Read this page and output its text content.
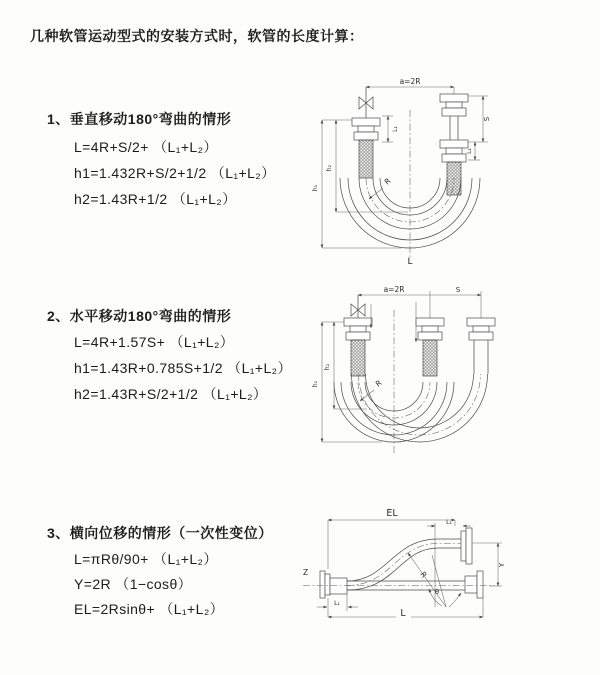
几种软管运动型式的安装方式时，软管的长度计算：
1、垂直移动180°弯曲的情形
L=4R+S/2+ （L₁+L₂）
h1=1.432R+S/2+1/2 （L₁+L₂）
h2=1.43R+1/2 （L₁+L₂）
2、水平移动180°弯曲的情形
L=4R+1.57S+ （L₁+L₂）
h1=1.43R+0.785S+1/2 （L₁+L₂）
h2=1.43R+S/2+1/2 （L₁+L₂）
3、横向位移的情形（一次性变位）
L=πRθ/90+ （L₁+L₂）
Y=2R （1−cosθ）
EL=2Rsinθ+ （L₁+L₂）
a=2R
L₁
S
L₁
R
h₂
h₁
L
a=2R	S
R
h₂
h₁
EL
L₁
Y
R
θ
L₁
L
Z
